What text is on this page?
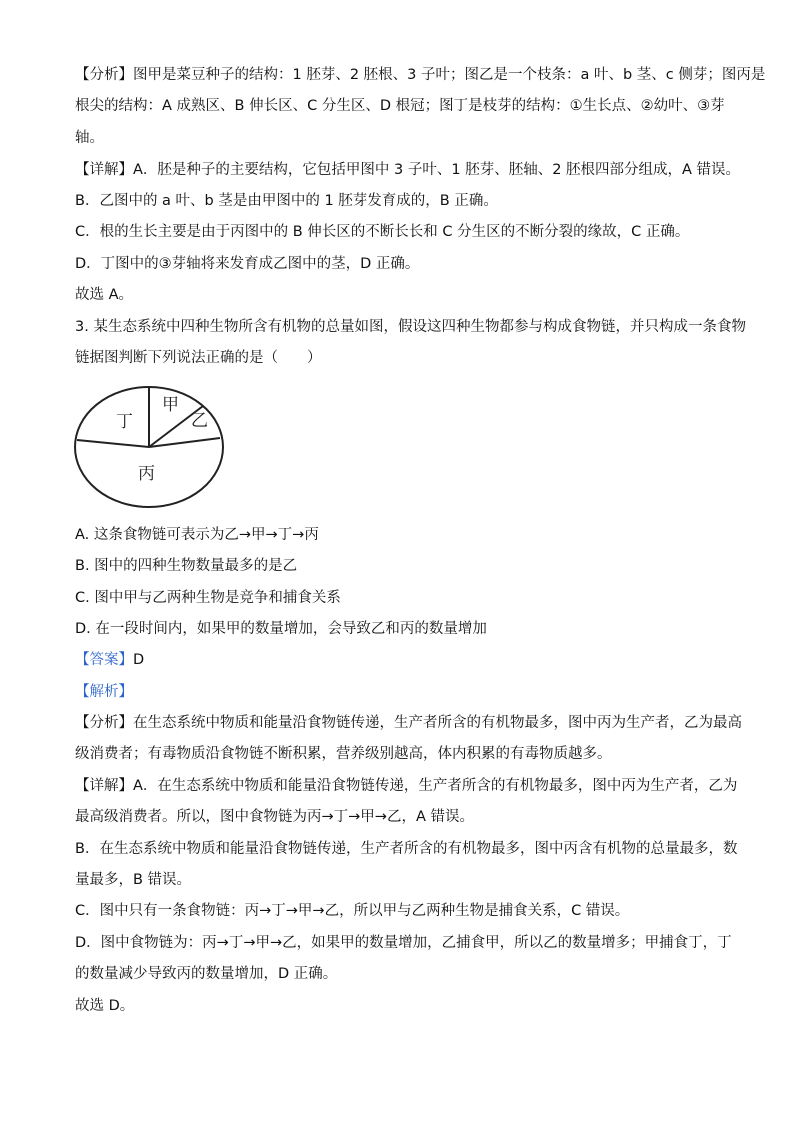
【分析】图甲是菜豆种子的结构：1 胚芽、2 胚根、3 子叶；图乙是一个枝条：a 叶、b 茎、c 侧芽；图丙是
根尖的结构：A 成熟区、B 伸长区、C 分生区、D 根冠；图丁是枝芽的结构：①生长点、②幼叶、③芽
轴。
【详解】A．胚是种子的主要结构，它包括甲图中 3 子叶、1 胚芽、胚轴、2 胚根四部分组成，A 错误。
B．乙图中的 a 叶、b 茎是由甲图中的 1 胚芽发育成的，B 正确。
C．根的生长主要是由于丙图中的 B 伸长区的不断长长和 C 分生区的不断分裂的缘故，C 正确。
D．丁图中的③芽轴将来发育成乙图中的茎，D 正确。
故选 A。
3. 某生态系统中四种生物所含有机物的总量如图，假设这四种生物都参与构成食物链，并只构成一条食物
链据图判断下列说法正确的是（　　）
甲
乙
丁
丙
A. 这条食物链可表示为乙→甲→丁→丙
B. 图中的四种生物数量最多的是乙
C. 图中甲与乙两种生物是竞争和捕食关系
D. 在一段时间内，如果甲的数量增加，会导致乙和丙的数量增加
【答案】D
【解析】
【分析】在生态系统中物质和能量沿食物链传递，生产者所含的有机物最多，图中丙为生产者，乙为最高
级消费者；有毒物质沿食物链不断积累，营养级别越高，体内积累的有毒物质越多。
【详解】A．在生态系统中物质和能量沿食物链传递，生产者所含的有机物最多，图中丙为生产者，乙为
最高级消费者。所以，图中食物链为丙→丁→甲→乙，A 错误。
B．在生态系统中物质和能量沿食物链传递，生产者所含的有机物最多，图中丙含有机物的总量最多，数
量最多，B 错误。
C．图中只有一条食物链：丙→丁→甲→乙，所以甲与乙两种生物是捕食关系，C 错误。
D．图中食物链为：丙→丁→甲→乙，如果甲的数量增加，乙捕食甲，所以乙的数量增多；甲捕食丁，丁
的数量减少导致丙的数量增加，D 正确。
故选 D。
